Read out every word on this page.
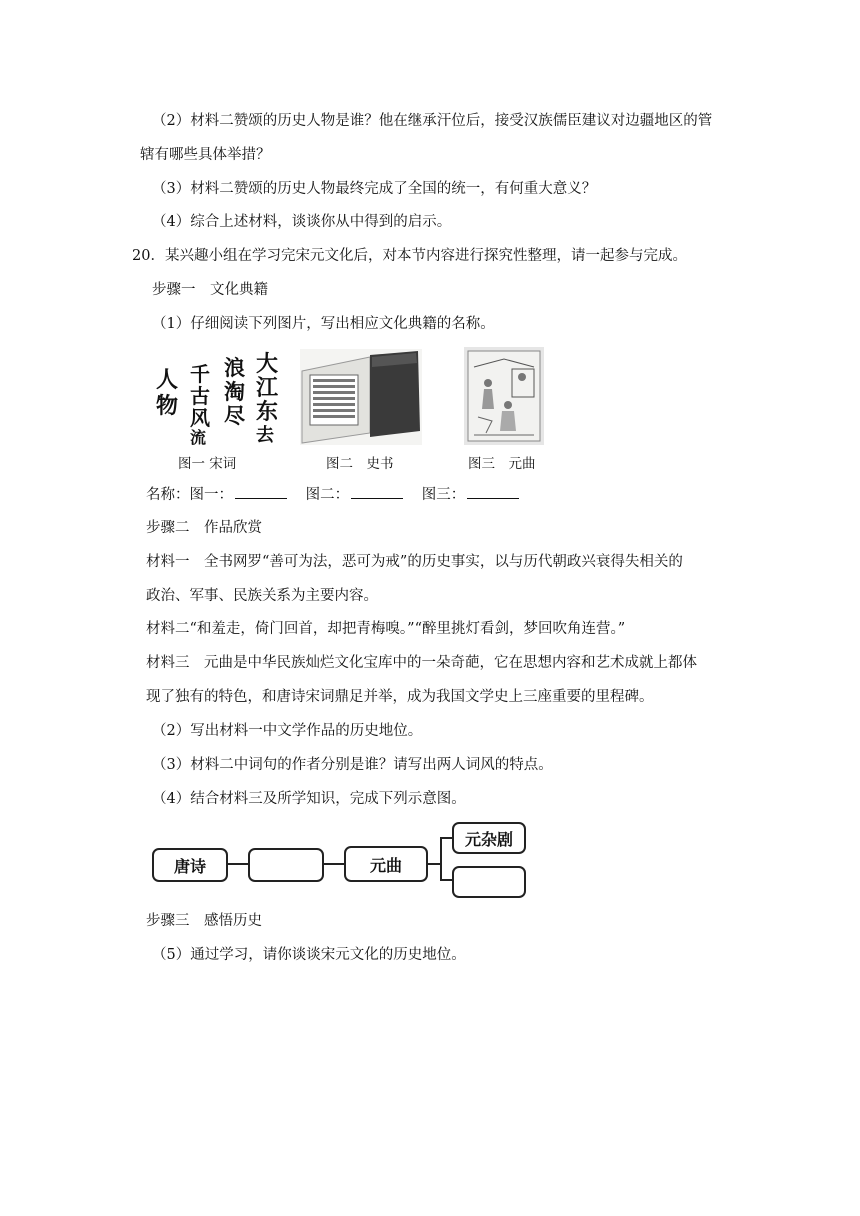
（2）材料二赞颂的历史人物是谁？他在继承汗位后，接受汉族儒臣建议对边疆地区的管
辖有哪些具体举措？
（3）材料二赞颂的历史人物最终完成了全国的统一，有何重大意义？
（4）综合上述材料，谈谈你从中得到的启示。
20．某兴趣小组在学习完宋元文化后，对本节内容进行探究性整理，请一起参与完成。
步骤一　文化典籍
（1）仔细阅读下列图片，写出相应文化典籍的名称。
大
江
东
去
浪
淘
尽
千
古
风
流
人
物
图一 宋词	图二　史书	图三　元曲
名称：图一：	图二：	图三：
步骤二　作品欣赏
材料一　全书网罗“善可为法，恶可为戒”的历史事实，以与历代朝政兴衰得失相关的
政治、军事、民族关系为主要内容。
材料二“和羞走，倚门回首，却把青梅嗅。”“醉里挑灯看剑，梦回吹角连营。”
材料三　元曲是中华民族灿烂文化宝库中的一朵奇葩，它在思想内容和艺术成就上都体
现了独有的特色，和唐诗宋词鼎足并举，成为我国文学史上三座重要的里程碑。
（2）写出材料一中文学作品的历史地位。
（3）材料二中词句的作者分别是谁？请写出两人词风的特点。
（4）结合材料三及所学知识，完成下列示意图。
唐诗	元曲
元杂剧
步骤三　感悟历史
（5）通过学习，请你谈谈宋元文化的历史地位。
